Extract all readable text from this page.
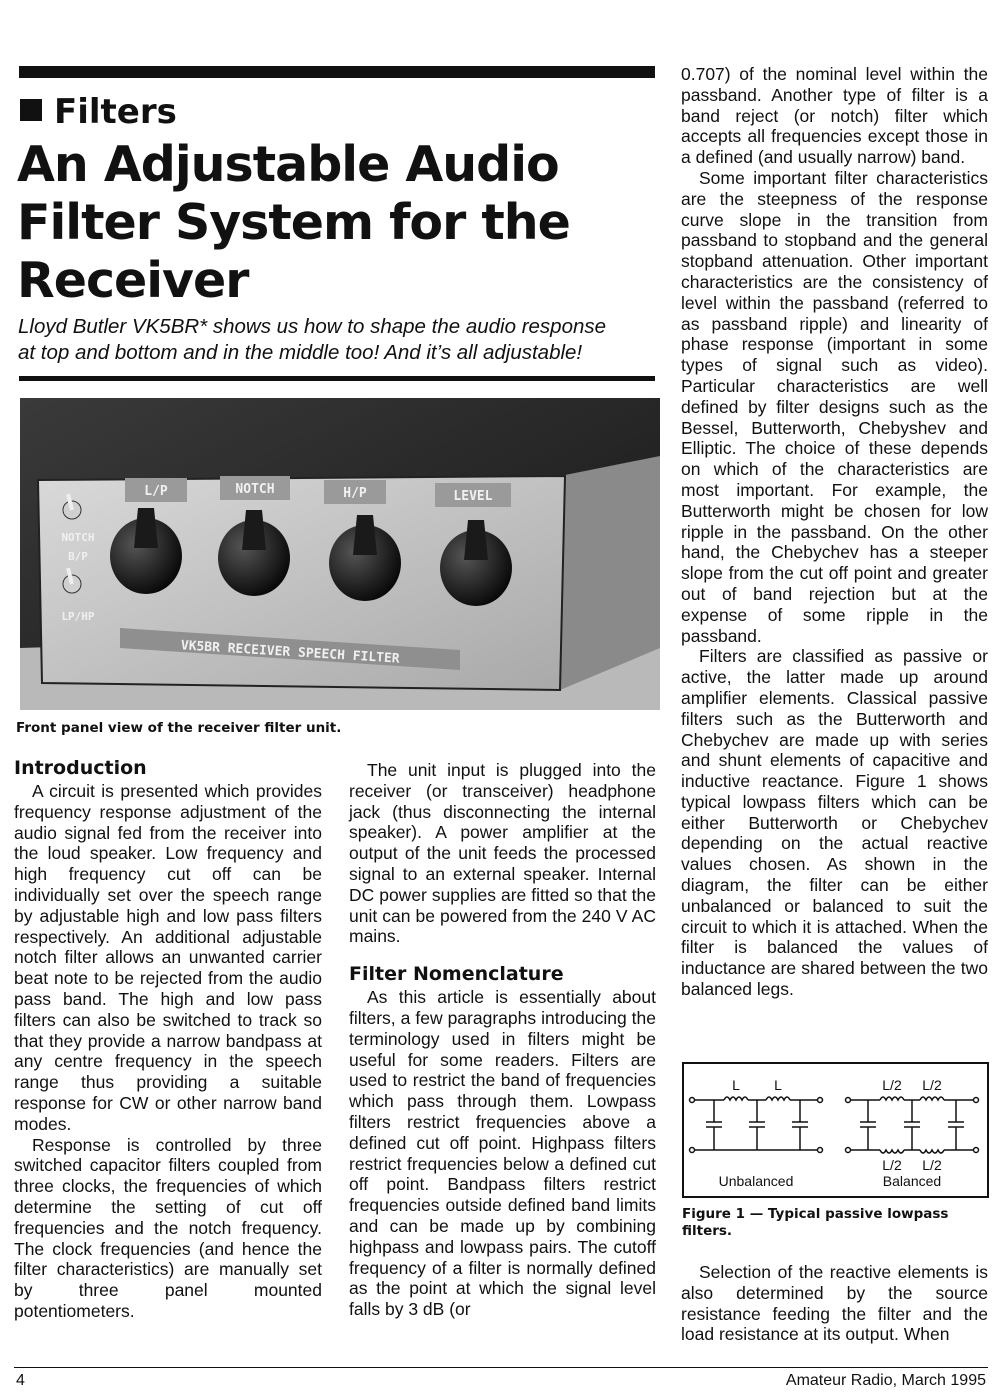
Filters
An Adjustable Audio
Filter System for the
Receiver
Lloyd Butler VK5BR* shows us how to shape the audio response
at top and bottom and in the middle too! And it’s all adjustable!
L/P	NOTCH	H/P	LEVEL
NOTCH
B/P
LP/HP
VK5BR RECEIVER SPEECH FILTER
Front panel view of the receiver filter unit.
Introduction

A circuit is presented which provides frequency response adjustment of the audio signal fed from the receiver into the loud speaker. Low frequency and high frequency cut off can be individually set over the speech range by adjustable high and low pass filters respectively. An additional adjustable notch filter allows an unwanted carrier beat note to be rejected from the audio pass band. The high and low pass filters can also be switched to track so that they provide a narrow bandpass at any centre frequency in the speech range thus providing a suitable response for CW or other narrow band modes.

Response is controlled by three switched capacitor filters coupled from three clocks, the frequencies of which determine the setting of cut off frequencies and the notch frequency. The clock frequencies (and hence the filter characteristics) are manually set by three panel mounted potentiometers.

The unit input is plugged into the receiver (or transceiver) headphone jack (thus disconnecting the internal speaker). A power amplifier at the output of the unit feeds the processed signal to an external speaker. Internal DC power supplies are fitted so that the unit can be powered from the 240 V AC mains.

Filter Nomenclature

As this article is essentially about filters, a few paragraphs introducing the terminology used in filters might be useful for some readers. Filters are used to restrict the band of frequencies which pass through them. Lowpass filters restrict frequencies above a defined cut off point. Highpass filters restrict frequencies below a defined cut off point. Bandpass filters restrict frequencies outside defined band limits and can be made up by combining highpass and lowpass pairs. The cutoff frequency of a filter is normally defined as the point at which the signal level falls by 3 dB (or

0.707) of the nominal level within the passband. Another type of filter is a band reject (or notch) filter which accepts all frequencies except those in a defined (and usually narrow) band.

Some important filter characteristics are the steepness of the response curve slope in the transition from passband to stopband and the general stopband attenuation. Other important characteristics are the consistency of level within the passband (referred to as passband ripple) and linearity of phase response (important in some types of signal such as video). Particular characteristics are well defined by filter designs such as the Bessel, Butterworth, Chebyshev and Elliptic. The choice of these depends on which of the characteristics are most important. For example, the Butterworth might be chosen for low ripple in the passband. On the other hand, the Chebychev has a steeper slope from the cut off point and greater out of band rejection but at the expense of some ripple in the passband.

Filters are classified as passive or active, the latter made up around amplifier elements. Classical passive filters such as the Butterworth and Chebychev are made up with series and shunt elements of capacitive and inductive reactance. Figure 1 shows typical lowpass filters which can be either Butterworth or Chebychev depending on the actual reactive values chosen. As shown in the diagram, the filter can be either unbalanced or balanced to suit the circuit to which it is attached. When the filter is balanced the values of inductance are shared between the two balanced legs.

L L	L/2 L/2
L/2 L/2
Unbalanced	Balanced
Figure 1 — Typical passive lowpass filters.

Selection of the reactive elements is also determined by the source resistance feeding the filter and the load resistance at its output. When

4	Amateur Radio, March 1995
